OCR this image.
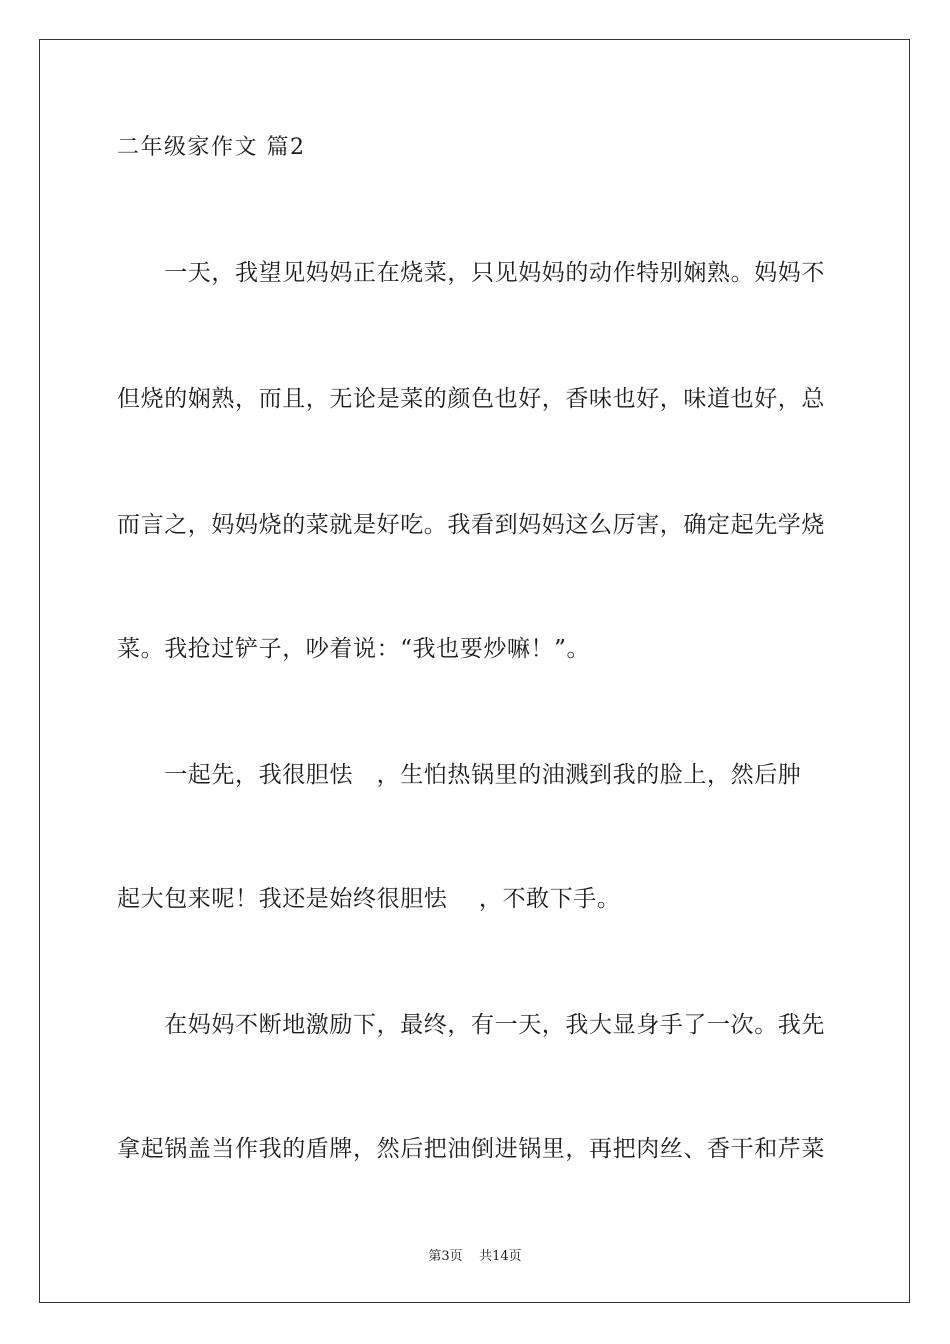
二年级家作文 篇2
　　一天，我望见妈妈正在烧菜，只见妈妈的动作特别娴熟。妈妈不
但烧的娴熟，而且，无论是菜的颜色也好，香味也好，味道也好，总
而言之，妈妈烧的菜就是好吃。我看到妈妈这么厉害，确定起先学烧
菜。我抢过铲子，吵着说：“我也要炒嘛！”。
　　一起先，我很胆怯　，生怕热锅里的油溅到我的脸上，然后肿
起大包来呢！我还是始终很胆怯　 ，不敢下手。
　　在妈妈不断地激励下，最终，有一天，我大显身手了一次。我先
拿起锅盖当作我的盾牌，然后把油倒进锅里，再把肉丝、香干和芹菜
第3页 共14页
